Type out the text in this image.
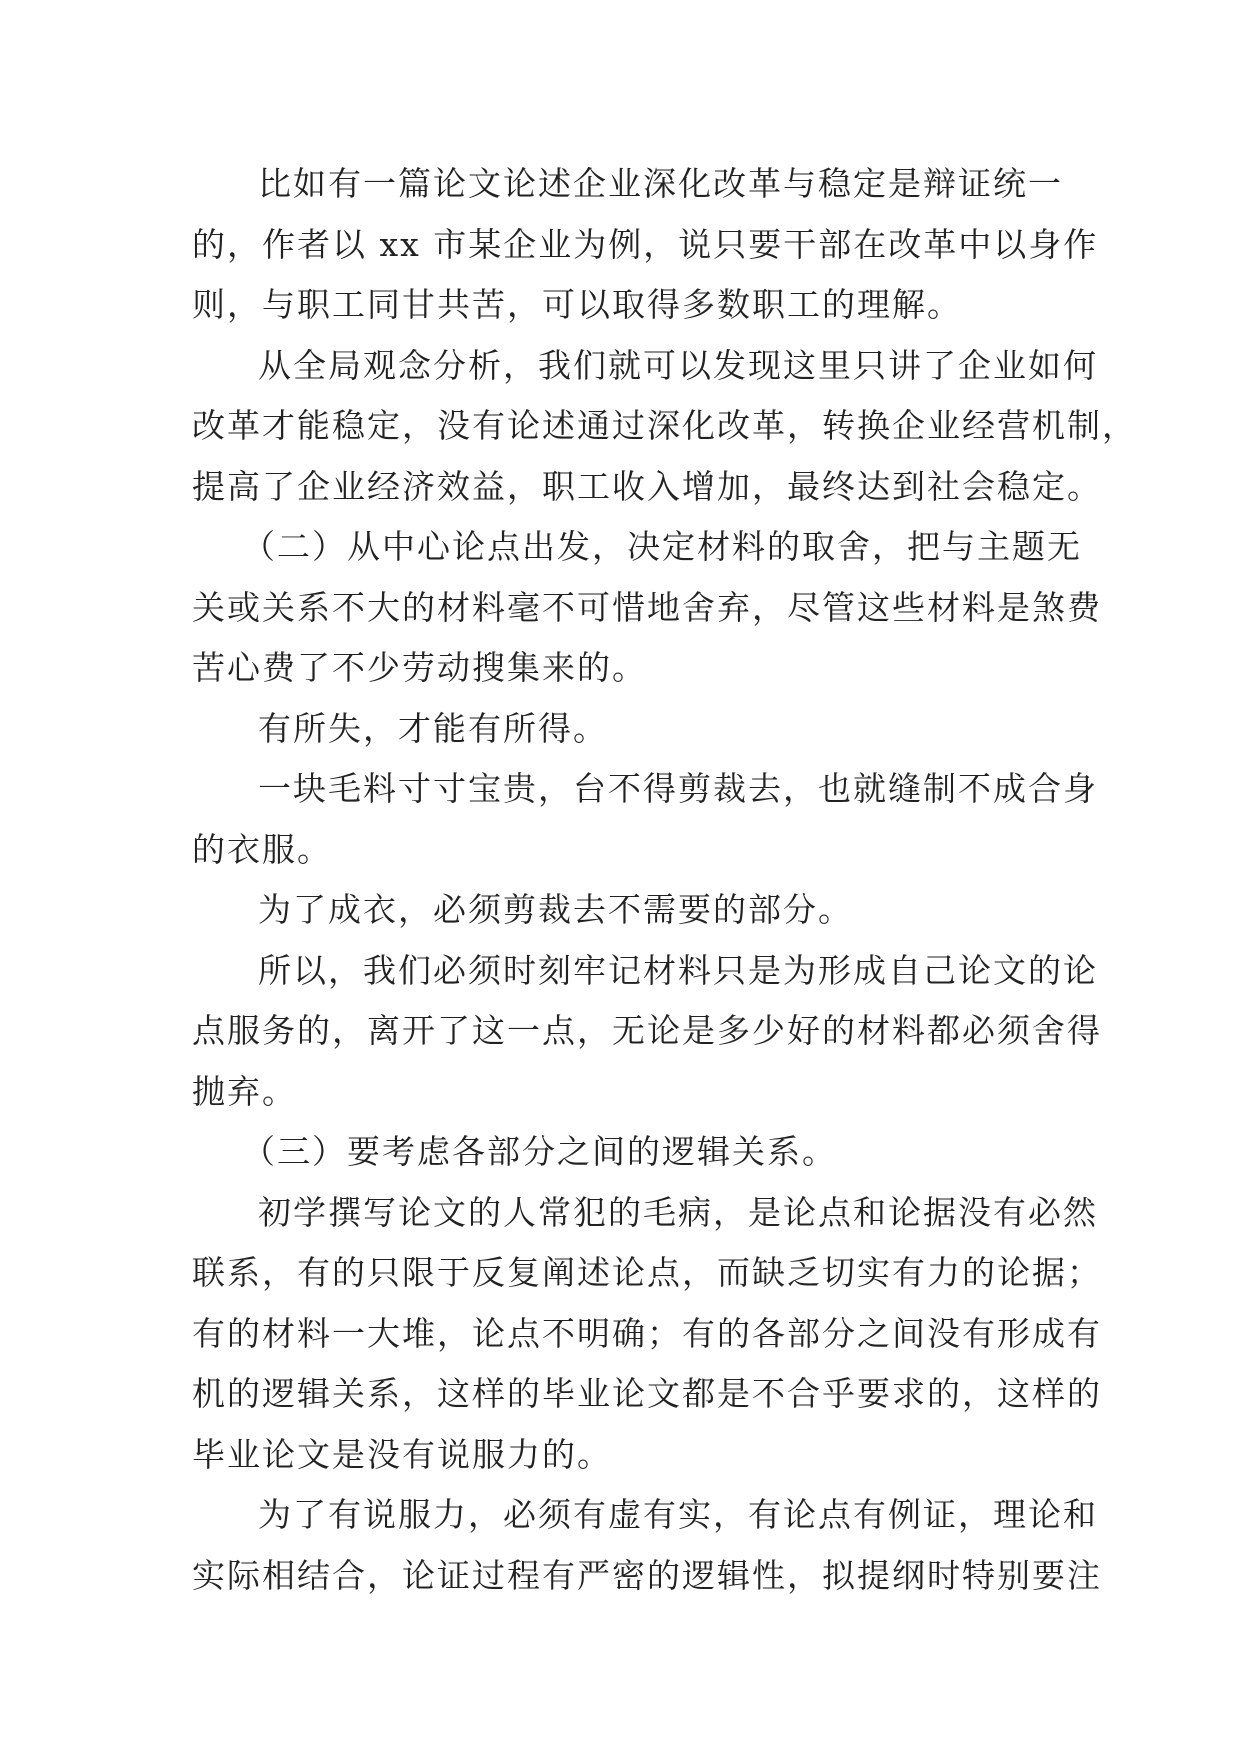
比如有一篇论文论述企业深化改革与稳定是辩证统一
的，作者以 xx 市某企业为例，说只要干部在改革中以身作
则，与职工同甘共苦，可以取得多数职工的理解。
从全局观念分析，我们就可以发现这里只讲了企业如何
改革才能稳定，没有论述通过深化改革，转换企业经营机制，
提高了企业经济效益，职工收入增加，最终达到社会稳定。
（二）从中心论点出发，决定材料的取舍，把与主题无
关或关系不大的材料毫不可惜地舍弃，尽管这些材料是煞费
苦心费了不少劳动搜集来的。
有所失，才能有所得。
一块毛料寸寸宝贵，台不得剪裁去，也就缝制不成合身
的衣服。
为了成衣，必须剪裁去不需要的部分。
所以，我们必须时刻牢记材料只是为形成自己论文的论
点服务的，离开了这一点，无论是多少好的材料都必须舍得
抛弃。
（三）要考虑各部分之间的逻辑关系。
初学撰写论文的人常犯的毛病，是论点和论据没有必然
联系，有的只限于反复阐述论点，而缺乏切实有力的论据；
有的材料一大堆，论点不明确；有的各部分之间没有形成有
机的逻辑关系，这样的毕业论文都是不合乎要求的，这样的
毕业论文是没有说服力的。
为了有说服力，必须有虚有实，有论点有例证，理论和
实际相结合，论证过程有严密的逻辑性，拟提纲时特别要注
